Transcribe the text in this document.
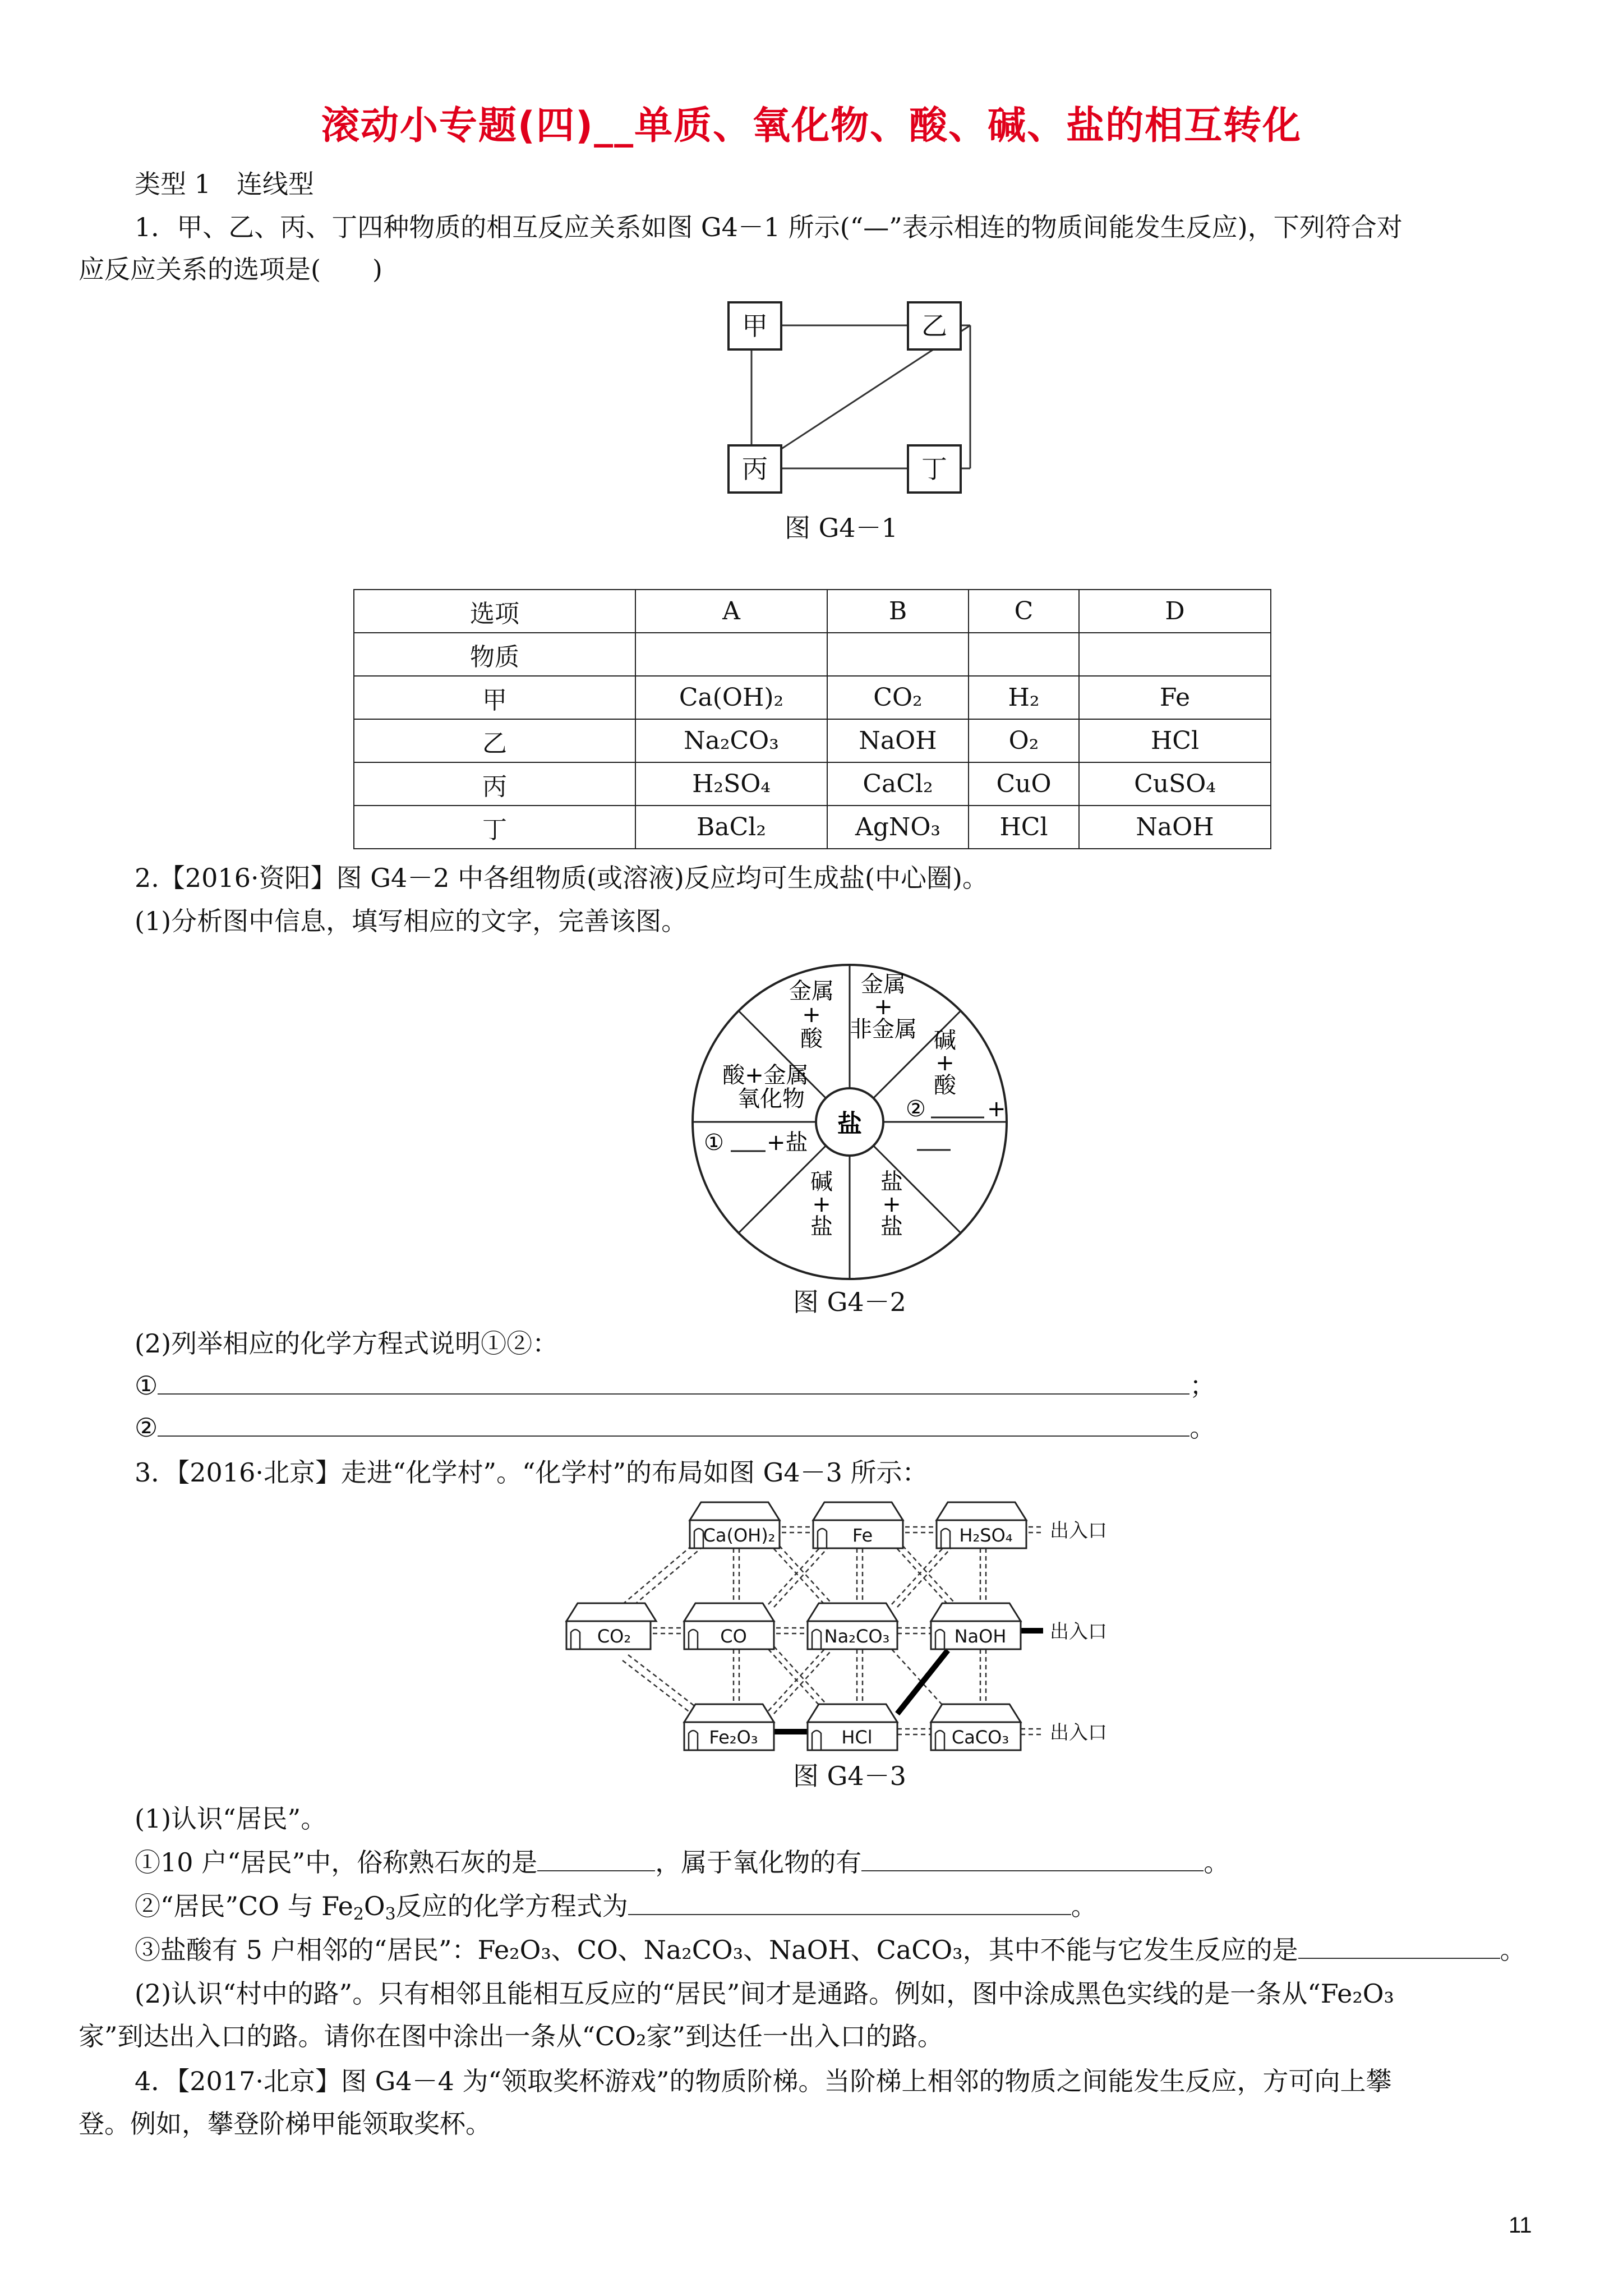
滚动小专题(四)__单质、氧化物、酸、碱、盐的相互转化
类型 1　连线型
1．甲、乙、丙、丁四种物质的相互反应关系如图 G4－1 所示(“—”表示相连的物质间能发生反应)，下列符合对
应反应关系的选项是(　　)
甲	乙
丙	丁
图 G4－1
选项	A	B	C	D
物质				
甲	Ca(OH)₂	CO₂	H₂	Fe
乙	Na₂CO₃	NaOH	O₂	HCl
丙	H₂SO₄	CaCl₂	CuO	CuSO₄
丁	BaCl₂	AgNO₃	HCl	NaOH
2.【2016·资阳】图 G4－2 中各组物质(或溶液)反应均可生成盐(中心圈)。
(1)分析图中信息，填写相应的文字，完善该图。
盐
金属
+
酸
金属
+
非金属 碱
+
酸
②	+
盐
+
盐
碱
+
盐
① +盐
酸+金属
氧化物
图 G4－2
(2)列举相应的化学方程式说明①②：
①	；
②	。
3．【2016·北京】走进“化学村”。“化学村”的布局如图 G4－3 所示：
Ca(OH)₂	Fe	H₂SO₄
CO₂	CO	Na₂CO₃	NaOH
Fe₂O₃	HCl	CaCO₃
出入口
出入口
出入口
图 G4－3
(1)认识“居民”。
①10 户“居民”中，俗称熟石灰的是	，属于氧化物的有	。
②“居民”CO 与 $Fe_2O_3$反应的化学方程式为	。
③盐酸有 5 户相邻的“居民”：Fe₂O₃、CO、Na₂CO₃、NaOH、CaCO₃，其中不能与它发生反应的是	。
(2)认识“村中的路”。只有相邻且能相互反应的“居民”间才是通路。例如，图中涂成黑色实线的是一条从“Fe₂O₃
家”到达出入口的路。请你在图中涂出一条从“CO₂家”到达任一出入口的路。
4．【2017·北京】图 G4－4 为“领取奖杯游戏”的物质阶梯。当阶梯上相邻的物质之间能发生反应，方可向上攀
登。例如，攀登阶梯甲能领取奖杯。
11
